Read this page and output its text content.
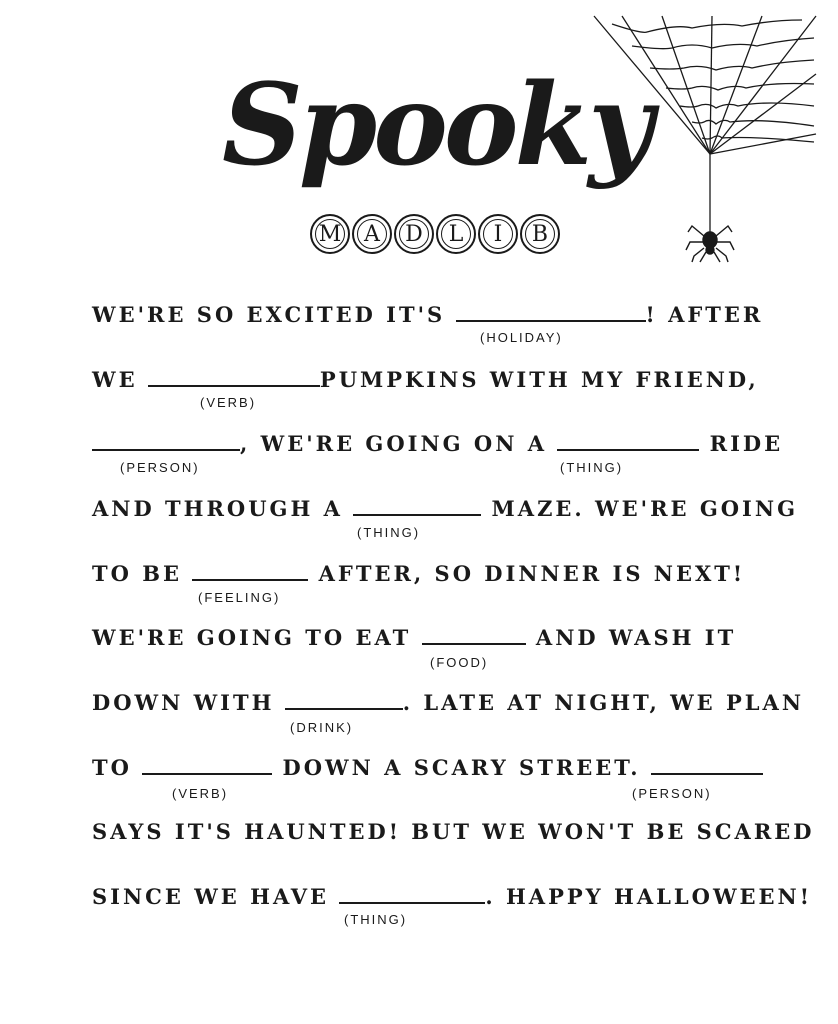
Spooky
M	A	D	L	I	B
WE'RE SO EXCITED IT'S	! AFTER
(HOLIDAY)
WE	PUMPKINS WITH MY FRIEND,
(VERB)
, WE'RE GOING ON A	RIDE
(PERSON)	(THING)
AND THROUGH A	MAZE. WE'RE GOING
(THING)
TO BE	AFTER, SO DINNER IS NEXT!
(FEELING)
WE'RE GOING TO EAT	AND WASH IT
(FOOD)
DOWN WITH	. LATE AT NIGHT, WE PLAN
(DRINK)
TO	DOWN A SCARY STREET.
(VERB)	(PERSON)
SAYS IT'S HAUNTED! BUT WE WON'T BE SCARED
SINCE WE HAVE	. HAPPY HALLOWEEN!
(THING)
